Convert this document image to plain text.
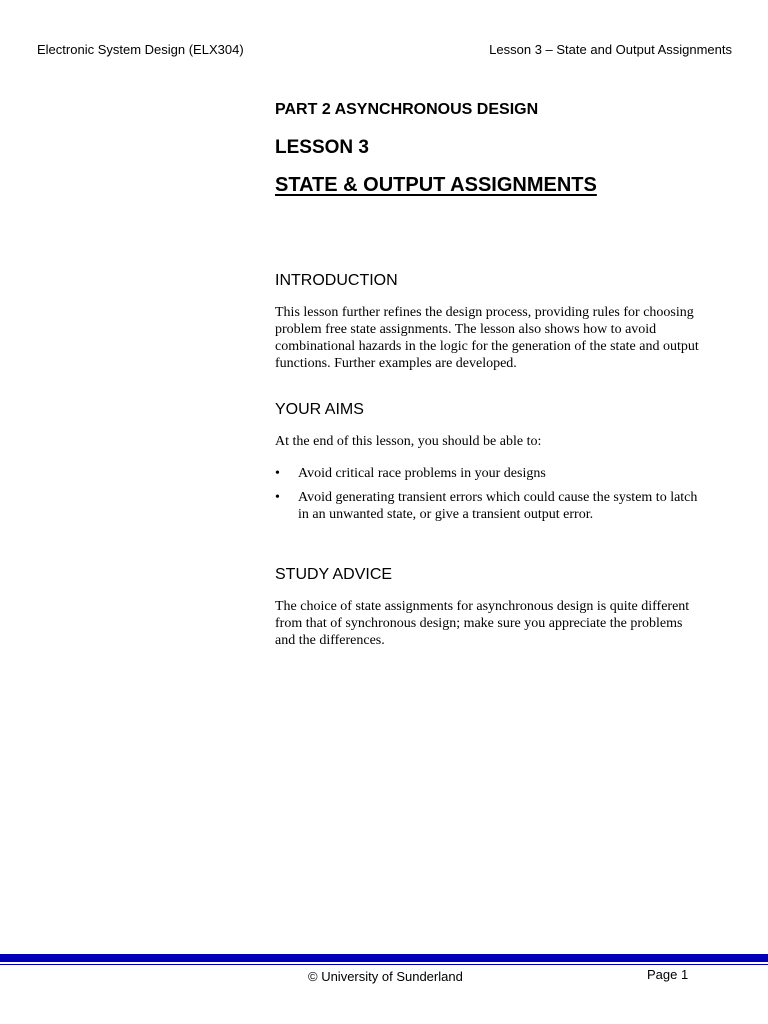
Electronic System Design (ELX304)	Lesson 3 – State and Output Assignments
PART 2 ASYNCHRONOUS DESIGN
LESSON 3
STATE & OUTPUT ASSIGNMENTS
INTRODUCTION

This lesson further refines the design process, providing rules for choosing problem free state assignments. The lesson also shows how to avoid combinational hazards in the logic for the generation of the state and output functions. Further examples are developed.

YOUR AIMS

At the end of this lesson, you should be able to:

• Avoid critical race problems in your designs
• Avoid generating transient errors which could cause the system to latch in an unwanted state, or give a transient output error.
STUDY ADVICE

The choice of state assignments for asynchronous design is quite different from that of synchronous design; make sure you appreciate the problems and the differences.

© University of Sunderland	Page 1
